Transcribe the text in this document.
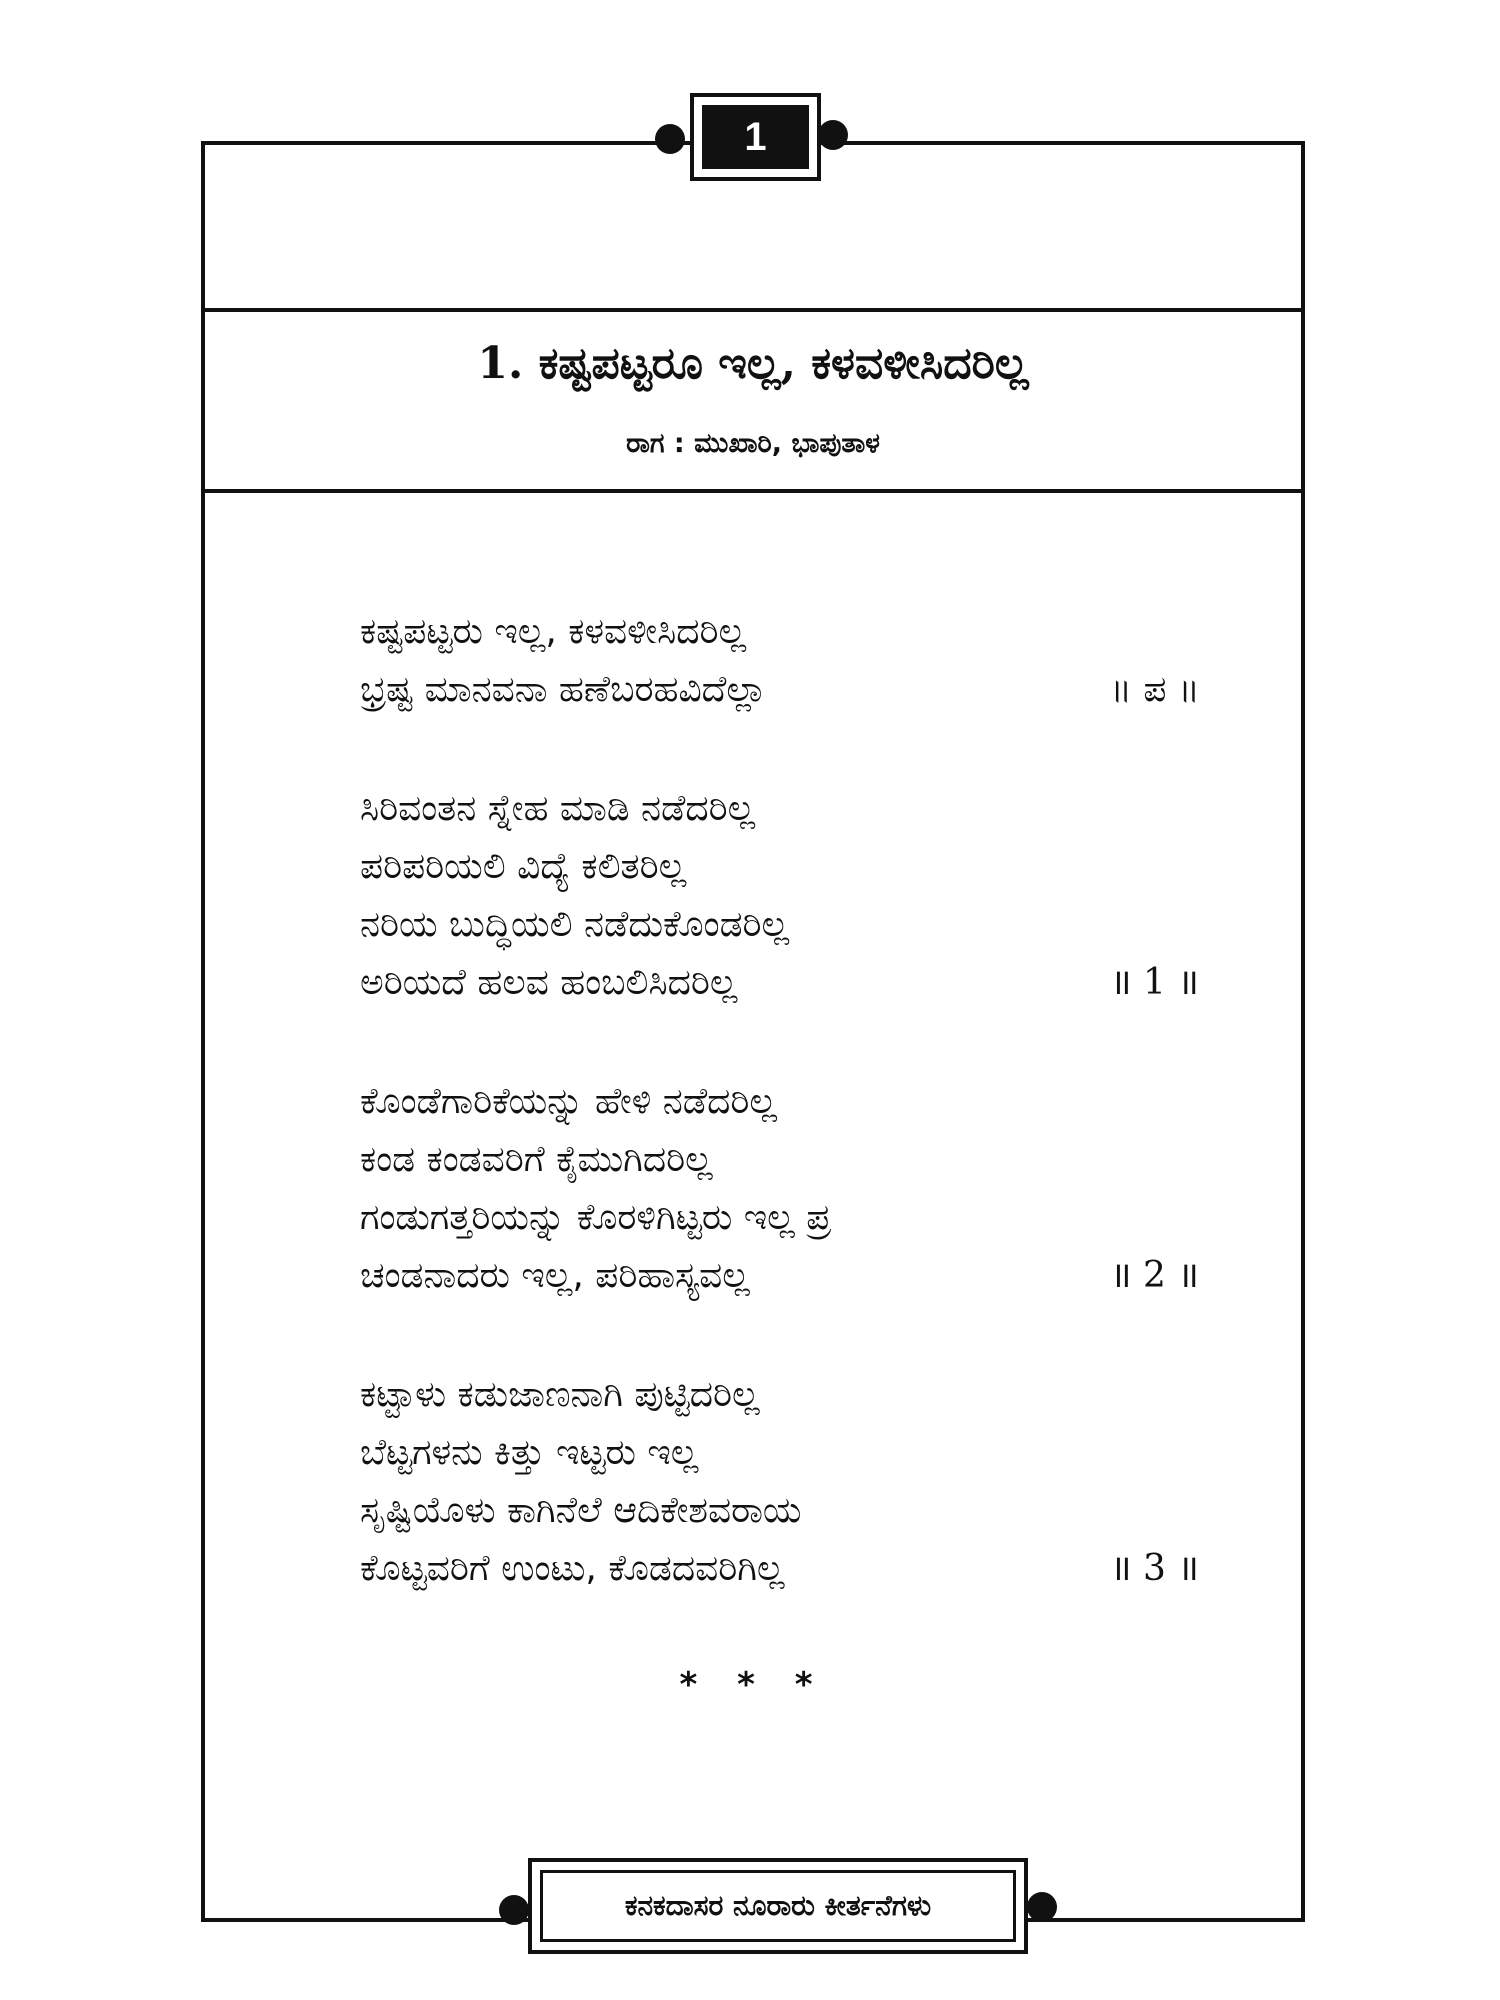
1
1. ಕಷ್ಟಪಟ್ಟರೂ ಇಲ್ಲ, ಕಳವಳೀಸಿದರಿಲ್ಲ
ರಾಗ : ಮುಖಾರಿ, ಭಾಪುತಾಳ
ಕಷ್ಟಪಟ್ಟರು ಇಲ್ಲ, ಕಳವಳೀಸಿದರಿಲ್ಲ
ಭ್ರಷ್ಟ ಮಾನವನಾ ಹಣೆಬರಹವಿದೆಲ್ಲಾ	॥ ಪ ॥
ಸಿರಿವಂತನ ಸ್ನೇಹ ಮಾಡಿ ನಡೆದರಿಲ್ಲ
ಪರಿಪರಿಯಲಿ ವಿದ್ಯೆ ಕಲಿತರಿಲ್ಲ
ನರಿಯ ಬುದ್ಧಿಯಲಿ ನಡೆದುಕೊಂಡರಿಲ್ಲ
ಅರಿಯದೆ ಹಲವ ಹಂಬಲಿಸಿದರಿಲ್ಲ	॥ 1 ॥
ಕೊಂಡೆಗಾರಿಕೆಯನ್ನು ಹೇಳಿ ನಡೆದರಿಲ್ಲ
ಕಂಡ ಕಂಡವರಿಗೆ ಕೈಮುಗಿದರಿಲ್ಲ
ಗಂಡುಗತ್ತರಿಯನ್ನು ಕೊರಳಿಗಿಟ್ಟರು ಇಲ್ಲ ಪ್ರ
ಚಂಡನಾದರು ಇಲ್ಲ, ಪರಿಹಾಸ್ಯವಲ್ಲ	॥ 2 ॥
ಕಟ್ಟಾಳು ಕಡುಜಾಣನಾಗಿ ಪುಟ್ಟಿದರಿಲ್ಲ
ಬೆಟ್ಟಗಳನು ಕಿತ್ತು ಇಟ್ಟರು ಇಲ್ಲ
ಸೃಷ್ಟಿಯೊಳು ಕಾಗಿನೆಲೆ ಆದಿಕೇಶವರಾಯ
ಕೊಟ್ಟವರಿಗೆ ಉಂಟು, ಕೊಡದವರಿಗಿಲ್ಲ	॥ 3 ॥
* * *
ಕನಕದಾಸರ ನೂರಾರು ಕೀರ್ತನೆಗಳು
